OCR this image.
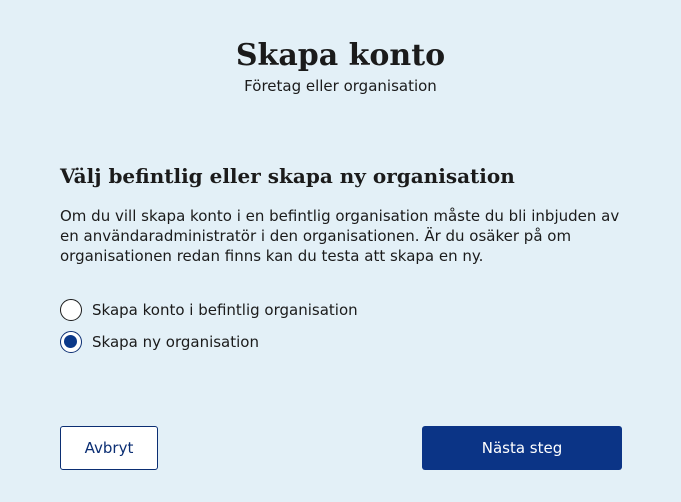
Skapa konto
Företag eller organisation
Välj befintlig eller skapa ny organisation

Om du vill skapa konto i en befintlig organisation måste du bli inbjuden av en användaradministratör i den organisationen. Är du osäker på om organisationen redan finns kan du testa att skapa en ny.

Skapa konto i befintlig organisation
Skapa ny organisation
Avbryt	Nästa steg
